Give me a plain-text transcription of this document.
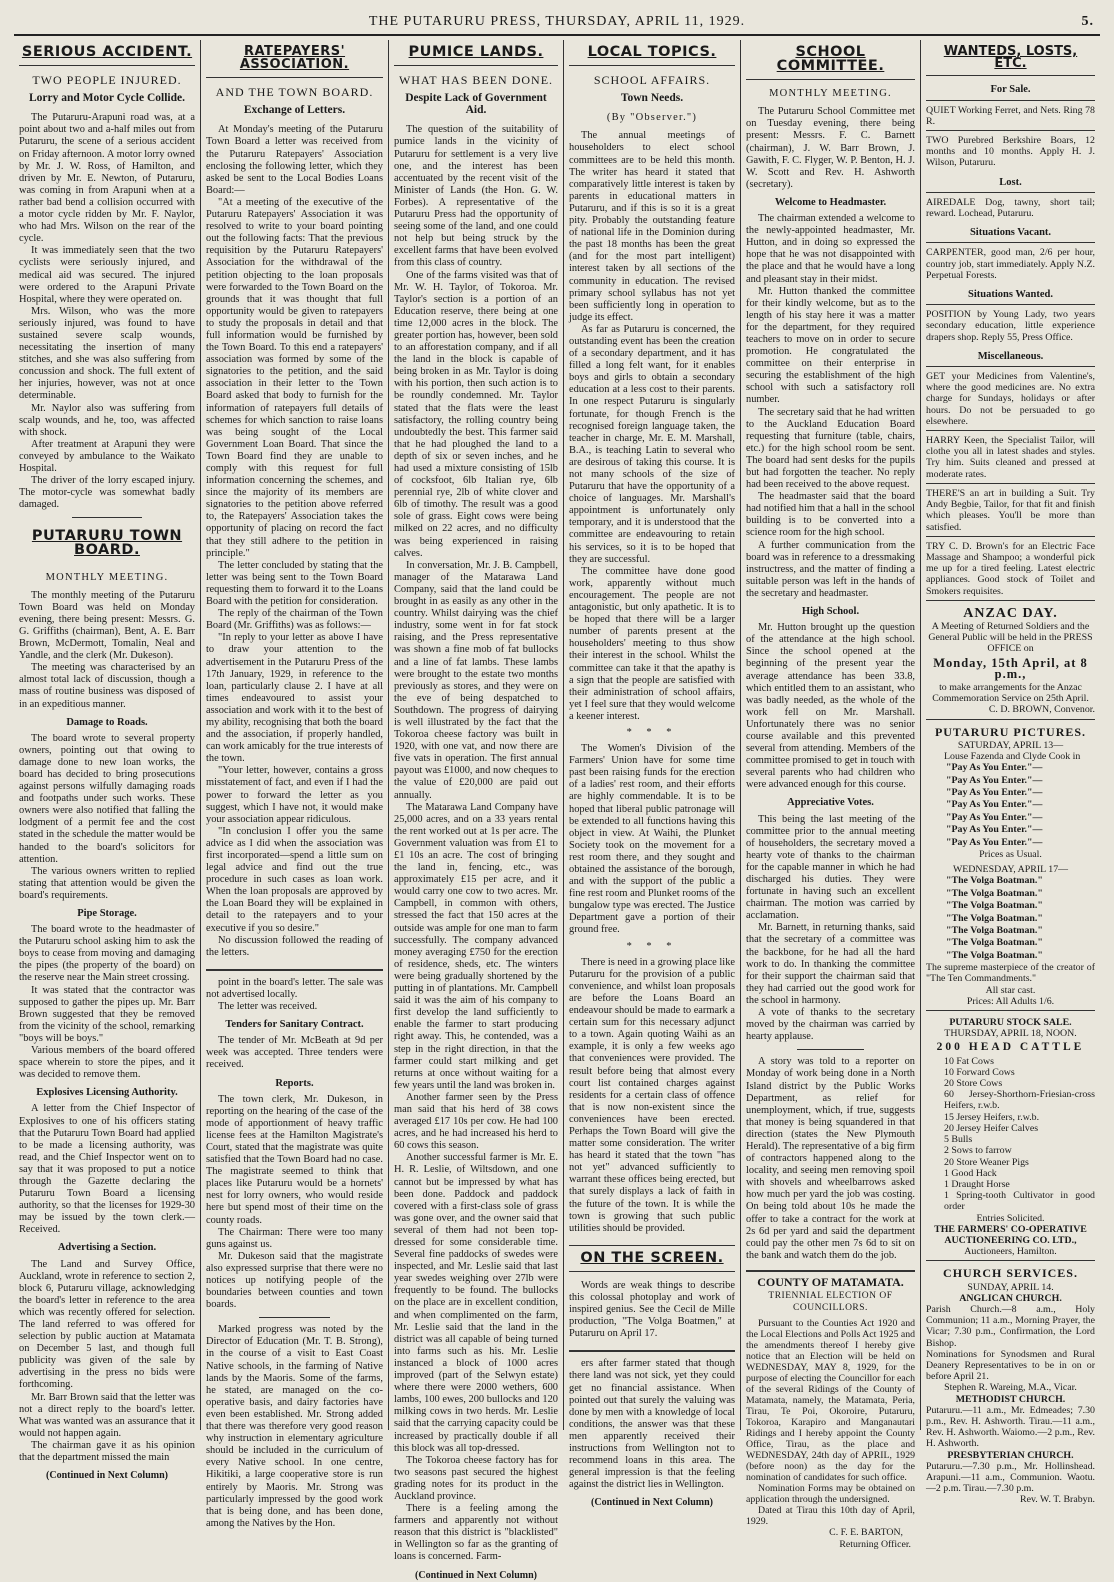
THE PUTARURU PRESS, THURSDAY, APRIL 11, 1929.	5.
SERIOUS ACCIDENT.
TWO PEOPLE INJURED.
Lorry and Motor Cycle Collide.

The Putaruru-Arapuni road was, at a point about two and a-half miles out from Putaruru, the scene of a serious accident on Friday afternoon. A motor lorry owned by Mr. J. W. Ross, of Hamilton, and driven by Mr. E. Newton, of Putaruru, was coming in from Arapuni when at a rather bad bend a collision occurred with a motor cycle ridden by Mr. F. Naylor, who had Mrs. Wilson on the rear of the cycle.

It was immediately seen that the two cyclists were seriously injured, and medical aid was secured. The injured were ordered to the Arapuni Private Hospital, where they were operated on.

Mrs. Wilson, who was the more seriously injured, was found to have sustained severe scalp wounds, necessitating the insertion of many stitches, and she was also suffering from concussion and shock. The full extent of her injuries, however, was not at once determinable.

Mr. Naylor also was suffering from scalp wounds, and he, too, was affected with shock.

After treatment at Arapuni they were conveyed by ambulance to the Waikato Hospital.

The driver of the lorry escaped injury. The motor-cycle was somewhat badly damaged.

PUTARURU TOWN BOARD.
MONTHLY MEETING.

The monthly meeting of the Putaruru Town Board was held on Monday evening, there being present: Messrs. G. G. Griffiths (chairman), Bent, A. E. Barr Brown, McDermott, Tomalin, Neal and Yandle, and the clerk (Mr. Dukeson).

The meeting was characterised by an almost total lack of discussion, though a mass of routine business was disposed of in an expeditious manner.

Damage to Roads.

The board wrote to several property owners, pointing out that owing to damage done to new loan works, the board has decided to bring prosecutions against persons wilfully damaging roads and footpaths under such works. These owners were also notified that falling the lodgment of a permit fee and the cost stated in the schedule the matter would be handed to the board's solicitors for attention.

The various owners written to replied stating that attention would be given the board's requirements.

Pipe Storage.

The board wrote to the headmaster of the Putaruru school asking him to ask the boys to cease from moving and damaging the pipes (the property of the board) on the reserve near the Main street crossing.

It was stated that the contractor was supposed to gather the pipes up. Mr. Barr Brown suggested that they be removed from the vicinity of the school, remarking "boys will be boys."

Various members of the board offered space wherein to store the pipes, and it was decided to remove them.

Explosives Licensing Authority.

A letter from the Chief Inspector of Explosives to one of his officers stating that the Putaruru Town Board had applied to be made a licensing authority, was read, and the Chief Inspector went on to say that it was proposed to put a notice through the Gazette declaring the Putaruru Town Board a licensing authority, so that the licenses for 1929-30 may be issued by the town clerk.—Received.

Advertising a Section.

The Land and Survey Office, Auckland, wrote in reference to section 2, block 6, Putaruru village, acknowledging the board's letter in reference to the area which was recently offered for selection. The land referred to was offered for selection by public auction at Matamata on December 5 last, and though full publicity was given of the sale by advertising in the press no bids were forthcoming.

Mr. Barr Brown said that the letter was not a direct reply to the board's letter. What was wanted was an assurance that it would not happen again.

The chairman gave it as his opinion that the department missed the main

(Continued in Next Column)
RATEPAYERS' ASSOCIATION.
AND THE TOWN BOARD.
Exchange of Letters.

At Monday's meeting of the Putaruru Town Board a letter was received from the Putaruru Ratepayers' Association enclosing the following letter, which they asked be sent to the Local Bodies Loans Board:—

"At a meeting of the executive of the Putaruru Ratepayers' Association it was resolved to write to your board pointing out the following facts: That the previous requisition by the Putaruru Ratepayers' Association for the withdrawal of the petition objecting to the loan proposals were forwarded to the Town Board on the grounds that it was thought that full opportunity would be given to ratepayers to study the proposals in detail and that full information would be furnished by the Town Board. To this end a ratepayers' association was formed by some of the signatories to the petition, and the said association in their letter to the Town Board asked that body to furnish for the information of ratepayers full details of schemes for which sanction to raise loans was being sought of the Local Government Loan Board. That since the Town Board find they are unable to comply with this request for full information concerning the schemes, and since the majority of its members are signatories to the petition above referred to, the Ratepayers' Association takes the opportunity of placing on record the fact that they still adhere to the petition in principle."

The letter concluded by stating that the letter was being sent to the Town Board requesting them to forward it to the Loans Board with the petition for consideration.

The reply of the chairman of the Town Board (Mr. Griffiths) was as follows:—

"In reply to your letter as above I have to draw your attention to the advertisement in the Putaruru Press of the 17th January, 1929, in reference to the loan, particularly clause 2. I have at all times endeavoured to assist your association and work with it to the best of my ability, recognising that both the board and the association, if properly handled, can work amicably for the true interests of the town.

"Your letter, however, contains a gross misstatement of fact, and even if I had the power to forward the letter as you suggest, which I have not, it would make your association appear ridiculous.

"In conclusion I offer you the same advice as I did when the association was first incorporated—spend a little sum on legal advice and find out the true procedure in such cases as loan work. When the loan proposals are approved by the Loan Board they will be explained in detail to the ratepayers and to your executive if you so desire."

No discussion followed the reading of the letters.

point in the board's letter. The sale was not advertised locally.

The letter was received.

Tenders for Sanitary Contract.

The tender of Mr. McBeath at 9d per week was accepted. Three tenders were received.

Reports.

The town clerk, Mr. Dukeson, in reporting on the hearing of the case of the mode of apportionment of heavy traffic license fees at the Hamilton Magistrate's Court, stated that the magistrate was quite satisfied that the Town Board had no case. The magistrate seemed to think that places like Putaruru would be a hornets' nest for lorry owners, who would reside here but spend most of their time on the county roads.

The Chairman: There were too many guns against us.

Mr. Dukeson said that the magistrate also expressed surprise that there were no notices up notifying people of the boundaries between counties and town boards.

Marked progress was noted by the Director of Education (Mr. T. B. Strong), in the course of a visit to East Coast Native schools, in the farming of Native lands by the Maoris. Some of the farms, he stated, are managed on the co-operative basis, and dairy factories have even been established. Mr. Strong added that there was therefore very good reason why instruction in elementary agriculture should be included in the curriculum of every Native school. In one centre, Hikitiki, a large cooperative store is run entirely by Maoris. Mr. Strong was particularly impressed by the good work that is being done, and has been done, among the Natives by the Hon.

PUMICE LANDS.
WHAT HAS BEEN DONE.
Despite Lack of Government Aid.

The question of the suitability of pumice lands in the vicinity of Putaruru for settlement is a very live one, and the interest has been accentuated by the recent visit of the Minister of Lands (the Hon. G. W. Forbes). A representative of the Putaruru Press had the opportunity of seeing some of the land, and one could not help but being struck by the excellent farms that have been evolved from this class of country.

One of the farms visited was that of Mr. W. H. Taylor, of Tokoroa. Mr. Taylor's section is a portion of an Education reserve, there being at one time 12,000 acres in the block. The greater portion has, however, been sold to an afforestation company, and if all the land in the block is capable of being broken in as Mr. Taylor is doing with his portion, then such action is to be roundly condemned. Mr. Taylor stated that the flats were the least satisfactory, the rolling country being undoubtedly the best. This farmer said that he had ploughed the land to a depth of six or seven inches, and he had used a mixture consisting of 15lb of cocksfoot, 6lb Italian rye, 6lb perennial rye, 2lb of white clover and 6lb of timothy. The result was a good sole of grass. Eight cows were being milked on 22 acres, and no difficulty was being experienced in raising calves.

In conversation, Mr. J. B. Campbell, manager of the Matarawa Land Company, said that the land could be brought in as easily as any other in the country. Whilst dairying was the chief industry, some went in for fat stock raising, and the Press representative was shown a fine mob of fat bullocks and a line of fat lambs. These lambs were brought to the estate two months previously as stores, and they were on the eve of being despatched to Southdown. The progress of dairying is well illustrated by the fact that the Tokoroa cheese factory was built in 1920, with one vat, and now there are five vats in operation. The first annual payout was £1000, and now cheques to the value of £20,000 are paid out annually.

The Matarawa Land Company have 25,000 acres, and on a 33 years rental the rent worked out at 1s per acre. The Government valuation was from £1 to £1 10s an acre. The cost of bringing the land in, fencing, etc., was approximately £15 per acre, and it would carry one cow to two acres. Mr. Campbell, in common with others, stressed the fact that 150 acres at the outside was ample for one man to farm successfully. The company advanced money averaging £750 for the erection of residence, sheds, etc. The winters were being gradually shortened by the putting in of plantations. Mr. Campbell said it was the aim of his company to first develop the land sufficiently to enable the farmer to start producing right away. This, he contended, was a step in the right direction, in that the farmer could start milking and get returns at once without waiting for a few years until the land was broken in.

Another farmer seen by the Press man said that his herd of 38 cows averaged £17 10s per cow. He had 100 acres, and he had increased his herd to 60 cows this season.

Another successful farmer is Mr. E. H. R. Leslie, of Wiltsdown, and one cannot but be impressed by what has been done. Paddock and paddock covered with a first-class sole of grass was gone over, and the owner said that several of them had not been top-dressed for some considerable time. Several fine paddocks of swedes were inspected, and Mr. Leslie said that last year swedes weighing over 27lb were frequently to be found. The bullocks on the place are in excellent condition, and when complimented on the farm, Mr. Leslie said that the land in the district was all capable of being turned into farms such as his. Mr. Leslie instanced a block of 1000 acres improved (part of the Selwyn estate) where there were 2000 wethers, 600 lambs, 100 ewes, 200 bullocks and 120 milking cows in two herds. Mr. Leslie said that the carrying capacity could be increased by practically double if all this block was all top-dressed.

The Tokoroa cheese factory has for two seasons past secured the highest grading notes for its product in the Auckland province.

There is a feeling among the farmers and apparently not without reason that this district is "blacklisted" in Wellington so far as the granting of loans is concerned. Farm-

(Continued in Next Column)
LOCAL TOPICS.
SCHOOL AFFAIRS.
Town Needs.
(By "Observer.")

The annual meetings of householders to elect school committees are to be held this month. The writer has heard it stated that comparatively little interest is taken by parents in educational matters in Putaruru, and if this is so it is a great pity. Probably the outstanding feature of national life in the Dominion during the past 18 months has been the great (and for the most part intelligent) interest taken by all sections of the community in education. The revised primary school syllabus has not yet been sufficiently long in operation to judge its effect.

As far as Putaruru is concerned, the outstanding event has been the creation of a secondary department, and it has filled a long felt want, for it enables boys and girls to obtain a secondary education at a less cost to their parents. In one respect Putaruru is singularly fortunate, for though French is the recognised foreign language taken, the teacher in charge, Mr. E. M. Marshall, B.A., is teaching Latin to several who are desirous of taking this course. It is not many schools of the size of Putaruru that have the opportunity of a choice of languages. Mr. Marshall's appointment is unfortunately only temporary, and it is understood that the committee are endeavouring to retain his services, so it is to be hoped that they are successful.

The committee have done good work, apparently without much encouragement. The people are not antagonistic, but only apathetic. It is to be hoped that there will be a larger number of parents present at the householders' meeting to thus show their interest in the school. Whilst the committee can take it that the apathy is a sign that the people are satisfied with their administration of school affairs, yet I feel sure that they would welcome a keener interest.

* * *

The Women's Division of the Farmers' Union have for some time past been raising funds for the erection of a ladies' rest room, and their efforts are highly commendable. It is to be hoped that liberal public patronage will be extended to all functions having this object in view. At Waihi, the Plunket Society took on the movement for a rest room there, and they sought and obtained the assistance of the borough, and with the support of the public a fine rest room and Plunket rooms of the bungalow type was erected. The Justice Department gave a portion of their ground free.

* * *

There is need in a growing place like Putaruru for the provision of a public convenience, and whilst loan proposals are before the Loans Board an endeavour should be made to earmark a certain sum for this necessary adjunct to a town. Again quoting Waihi as an example, it is only a few weeks ago that conveniences were provided. The result before being that almost every court list contained charges against residents for a certain class of offence that is now non-existent since the conveniences have been erected. Perhaps the Town Board will give the matter some consideration. The writer has heard it stated that the town "has not yet" advanced sufficiently to warrant these offices being erected, but that surely displays a lack of faith in the future of the town. It is while the town is growing that such public utilities should be provided.

ON THE SCREEN.

Words are weak things to describe this colossal photoplay and work of inspired genius. See the Cecil de Mille production, "The Volga Boatmen," at Putaruru on April 17.

ers after farmer stated that though there land was not sick, yet they could get no financial assistance. When pointed out that surely the valuing was done by men with a knowledge of local conditions, the answer was that these men apparently received their instructions from Wellington not to recommend loans in this area. The general impression is that the feeling against the district lies in Wellington.

(Continued in Next Column)
SCHOOL COMMITTEE.
MONTHLY MEETING.

The Putaruru School Committee met on Tuesday evening, there being present: Messrs. F. C. Barnett (chairman), J. W. Barr Brown, J. Gawith, F. C. Flyger, W. P. Benton, H. J. W. Scott and Rev. H. Ashworth (secretary).

Welcome to Headmaster.

The chairman extended a welcome to the newly-appointed headmaster, Mr. Hutton, and in doing so expressed the hope that he was not disappointed with the place and that he would have a long and pleasant stay in their midst.

Mr. Hutton thanked the committee for their kindly welcome, but as to the length of his stay here it was a matter for the department, for they required teachers to move on in order to secure promotion. He congratulated the committee on their enterprise in securing the establishment of the high school with such a satisfactory roll number.

The secretary said that he had written to the Auckland Education Board requesting that furniture (table, chairs, etc.) for the high school room be sent. The board had sent desks for the pupils but had forgotten the teacher. No reply had been received to the above request.

The headmaster said that the board had notified him that a hall in the school building is to be converted into a science room for the high school.

A further communication from the board was in reference to a dressmaking instructress, and the matter of finding a suitable person was left in the hands of the secretary and headmaster.

High School.

Mr. Hutton brought up the question of the attendance at the high school. Since the school opened at the beginning of the present year the average attendance has been 33.8, which entitled them to an assistant, who was badly needed, as the whole of the work fell on Mr. Marshall. Unfortunately there was no senior course available and this prevented several from attending. Members of the committee promised to get in touch with several parents who had children who were advanced enough for this course.

Appreciative Votes.

This being the last meeting of the committee prior to the annual meeting of householders, the secretary moved a hearty vote of thanks to the chairman for the capable manner in which he had discharged his duties. They were fortunate in having such an excellent chairman. The motion was carried by acclamation.

Mr. Barnett, in returning thanks, said that the secretary of a committee was the backbone, for he had all the hard work to do. In thanking the committee for their support the chairman said that they had carried out the good work for the school in harmony.

A vote of thanks to the secretary moved by the chairman was carried by hearty applause.

A story was told to a reporter on Monday of work being done in a North Island district by the Public Works Department, as relief for unemployment, which, if true, suggests that money is being squandered in that direction (states the New Plymouth Herald). The representative of a big firm of contractors happened along to the locality, and seeing men removing spoil with shovels and wheelbarrows asked how much per yard the job was costing. On being told about 10s he made the offer to take a contract for the work at 2s 6d per yard and said the department could pay the other men 7s 6d to sit on the bank and watch them do the job.

COUNTY OF MATAMATA.
TRIENNIAL ELECTION OF COUNCILLORS.

Pursuant to the Counties Act 1920 and the Local Elections and Polls Act 1925 and the amendments thereof I hereby give notice that an Election will be held on WEDNESDAY, MAY 8, 1929, for the purpose of electing the Councillor for each of the several Ridings of the County of Matamata, namely, the Matamata, Peria, Tirau, Te Poi, Okoroire, Putaruru, Tokoroa, Karapiro and Manganautari Ridings and I hereby appoint the County Office, Tirau, as the place and WEDNESDAY, 24th day of APRIL, 1929 (before noon) as the day for the nomination of candidates for such office.

Nomination Forms may be obtained on application through the undersigned.

Dated at Tirau this 10th day of April, 1929.

C. F. E. BARTON,
Returning Officer.
WANTEDS, LOSTS, ETC.
For Sale.

QUIET Working Ferret, and Nets. Ring 78 R.

TWO Purebred Berkshire Boars, 12 months and 10 months. Apply H. J. Wilson, Putaruru.

Lost.

AIREDALE Dog, tawny, short tail; reward. Lochead, Putaruru.

Situations Vacant.

CARPENTER, good man, 2/6 per hour, country job, start immediately. Apply N.Z. Perpetual Forests.

Situations Wanted.

POSITION by Young Lady, two years secondary education, little experience drapers shop. Reply 55, Press Office.

Miscellaneous.

GET your Medicines from Valentine's, where the good medicines are. No extra charge for Sundays, holidays or after hours. Do not be persuaded to go elsewhere.

HARRY Keen, the Specialist Tailor, will clothe you all in latest shades and styles. Try him. Suits cleaned and pressed at moderate rates.

THERE'S an art in building a Suit. Try Andy Begbie, Tailor, for that fit and finish which pleases. You'll be more than satisfied.

TRY C. D. Brown's for an Electric Face Massage and Shampoo; a wonderful pick me up for a tired feeling. Latest electric appliances. Good stock of Toilet and Smokers requisites.

ANZAC DAY.

A Meeting of Returned Soldiers and the General Public will be held in the PRESS OFFICE on

Monday, 15th April, at 8 p.m.,

to make arrangements for the Anzac Commemoration Service on 25th April.

C. D. BROWN, Convenor.
PUTARURU PICTURES.
SATURDAY, APRIL 13—

Louse Fazenda and Clyde Cook in

"Pay As You Enter."—

"Pay As You Enter."—

"Pay As You Enter."—

"Pay As You Enter."—

"Pay As You Enter."—

"Pay As You Enter."—

"Pay As You Enter."—

Prices as Usual.
WEDNESDAY, APRIL 17—

"The Volga Boatman."

"The Volga Boatman."

"The Volga Boatman."

"The Volga Boatman."

"The Volga Boatman."

"The Volga Boatman."

"The Volga Boatman."

The supreme masterpiece of the creator of "The Ten Commandments."

All star cast.
Prices: All Adults 1/6.
PUTARURU STOCK SALE.
THURSDAY, APRIL 18, NOON.
200 HEAD CATTLE

10 Fat Cows

10 Forward Cows

20 Store Cows

60 Jersey-Shorthorn-Friesian-cross Heifers, r.w.b.

15 Jersey Heifers, r.w.b.

20 Jersey Heifer Calves

5 Bulls

2 Sows to farrow

20 Store Weaner Pigs

1 Good Hack

1 Draught Horse

1 Spring-tooth Cultivator in good order

Entries Solicited.
THE FARMERS' CO-OPERATIVE AUCTIONEERING CO. LTD.,
Auctioneers, Hamilton.
CHURCH SERVICES.
SUNDAY, APRIL 14.
ANGLICAN CHURCH.

Parish Church.—8 a.m., Holy Communion; 11 a.m., Morning Prayer, the Vicar; 7.30 p.m., Confirmation, the Lord Bishop.

Nominations for Synodsmen and Rural Deanery Representatives to be in on or before April 21.

Stephen R. Wareing, M.A., Vicar.
METHODIST CHURCH.

Putaruru.—11 a.m., Mr. Edmeades; 7.30 p.m., Rev. H. Ashworth. Tirau.—11 a.m., Rev. H. Ashworth. Waiomo.—2 p.m., Rev. H. Ashworth.

PRESBYTERIAN CHURCH.

Putaruru.—7.30 p.m., Mr. Hollinshead. Arapuni.—11 a.m., Communion. Waotu.—2 p.m. Tirau.—7.30 p.m.

Rev. W. T. Brabyn.
